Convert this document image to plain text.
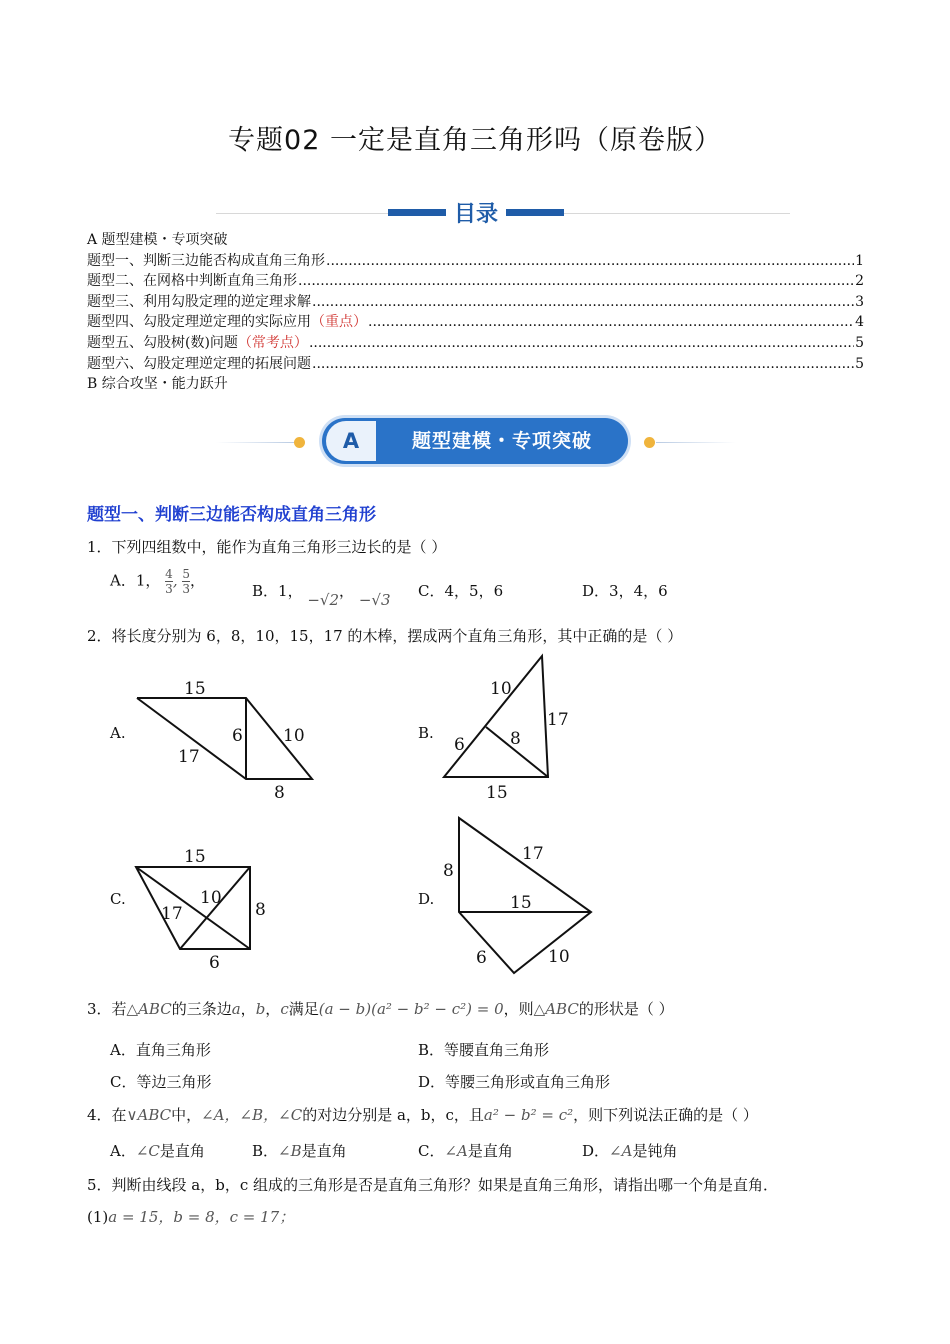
专题02 一定是直角三角形吗（原卷版）
目录
A 题型建模・专项突破
题型一、判断三边能否构成直角三角形 .....	1
题型二、在网格中判断直角三角形 .....	2
题型三、利用勾股定理的逆定理求解 .....	3
题型四、勾股定理逆定理的实际应用 （重点） .....	4
题型五、勾股树(数)问题 （常考点） .....	5
题型六、勾股定理逆定理的拓展问题 .....	5
B 综合攻坚・能力跃升
A	题型建模・专项突破
题型一、判断三边能否构成直角三角形
1．下列四组数中，能作为直角三角形三边长的是（ ）
A．1， $\frac{4}{3}$ , $\frac{5}{3}$ ，
B．1， −√2， −√3 C．4，5，6	D．3，4，6
2．将长度分别为 6，8，10，15，17 的木棒，摆成两个直角三角形，其中正确的是（ ）
A.
15
6 10
17
8
B.
10
17
8
6
15
C.
15
10
17	8
6
D.
8
17
15
6	10
3．若△ABC的三条边a，b，c满足(a − b)(a² − b² − c²) = 0，则△ABC的形状是（ ）
A．直角三角形	B．等腰直角三角形
C．等边三角形	D．等腰三角形或直角三角形
4．在∨ABC中，∠A，∠B，∠C的对边分别是 a，b，c，且a² − b² = c²，则下列说法正确的是（ ）
A．∠C是直角	B．∠B是直角	C．∠A是直角	D．∠A是钝角
5．判断由线段 a，b，c 组成的三角形是否是直角三角形？如果是直角三角形，请指出哪一个角是直角．
(1)a = 15，b = 8，c = 17；
